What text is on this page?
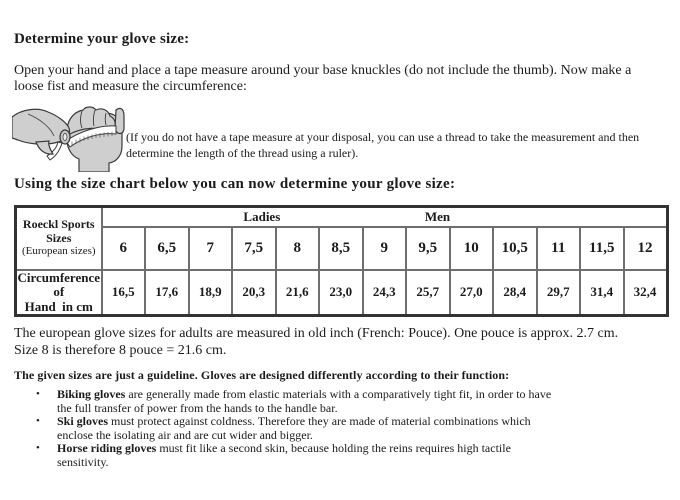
Determine your glove size:
Open your hand and place a tape measure around your base knuckles (do not include the thumb). Now make a
loose fist and measure the circumference:
(If you do not have a tape measure at your disposal, you can use a thread to take the measurement and then
determine the length of the thread using a ruler).
Using the size chart below you can now determine your glove size:
Roeckl Sports
Sizes
(European sizes)	Ladies Men												

	6	6,5	7	7,5	8	8,5	9	9,5	10	10,5	11	11,5	12

Circumference of
Hand  in cm	16,5	17,6	18,9	20,3	21,6	23,0	24,3	25,7	27,0	28,4	29,7	31,4	32,4
The european glove sizes for adults are measured in old inch (French: Pouce). One pouce is approx. 2.7 cm.
Size 8 is therefore 8 pouce = 21.6 cm.
The given sizes are just a guideline. Gloves are designed differently according to their function:
• Biking gloves are generally made from elastic materials with a comparatively tight fit, in order to have
the full transfer of power from the hands to the handle bar.
• Ski gloves must protect against coldness. Therefore they are made of material combinations which
enclose the isolating air and are cut wider and bigger.
• Horse riding gloves must fit like a second skin, because holding the reins requires high tactile
sensitivity.
